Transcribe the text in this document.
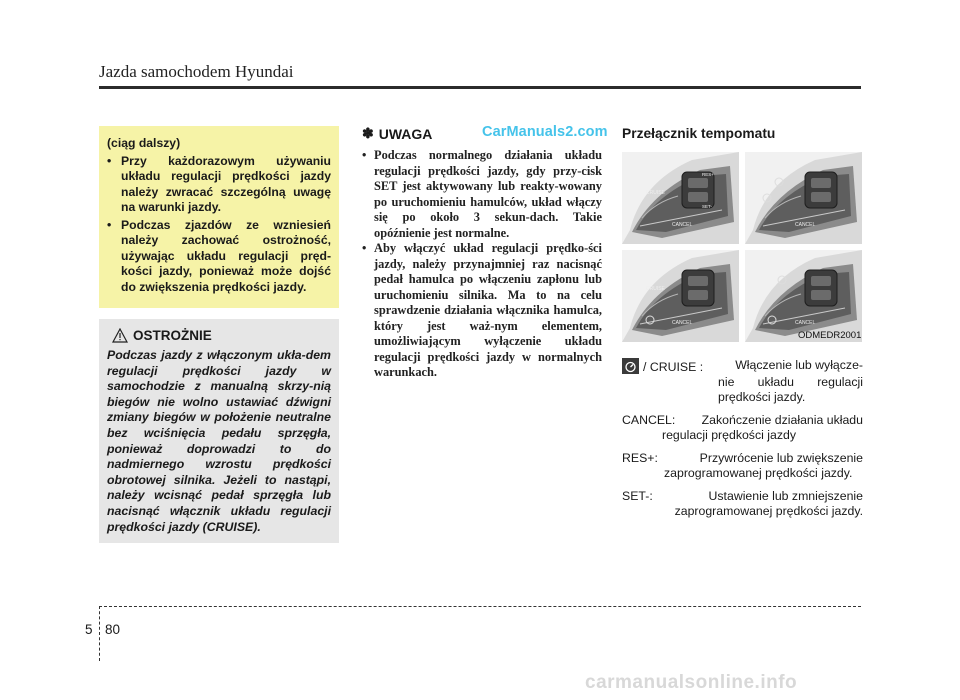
Jazda samochodem Hyundai
(ciąg dalszy)
• Przy każdorazowym używaniu układu regulacji prędkości jazdy należy zwracać szczególną uwagę na warunki jazdy.
• Podczas zjazdów ze wzniesień należy zachować ostrożność, używając układu regulacji pręd-kości jazdy, ponieważ może dojść do zwiększenia prędkości jazdy.
OSTROŻNIE
Podczas jazdy z włączonym ukła-dem regulacji prędkości jazdy w samochodzie z manualną skrzy-nią biegów nie wolno ustawiać dźwigni zmiany biegów w położenie neutralne bez wciśnięcia pedału sprzęgła, ponieważ doprowadzi to do nadmiernego wzrostu prędkości obrotowej silnika. Jeżeli to nastąpi, należy wcisnąć pedał sprzęgła lub nacisnąć włącznik układu regulacji prędkości jazdy (CRUISE).
✽ UWAGA	CarManuals2.com
• Podczas normalnego działania układu regulacji prędkości jazdy, gdy przy-cisk SET jest aktywowany lub reakty-wowany po uruchomieniu hamulców, układ włączy się po około 3 sekun-dach. Takie opóźnienie jest normalne.
• Aby włączyć układ regulacji prędko-ści jazdy, należy przynajmniej raz nacisnąć pedał hamulca po włączeniu zapłonu lub uruchomieniu silnika. Ma to na celu sprawdzenie działania włącznika hamulca, który jest waż-nym elementem, umożliwiającym wyłączenie układu regulacji prędkości jazdy w normalnych warunkach.
Przełącznik tempomatu
CRUISE
CANCEL
RES+
SET-
CANCEL
CRUISE
CANCEL	CANCEL
ODMEDR2001
/ CRUISE :	Włączenie lub wyłącze-
nie układu regulacji prędkości jazdy.
CANCEL: Zakończenie działania układu
regulacji prędkości jazdy
RES+:	Przywrócenie lub zwiększenie
zaprogramowanej prędkości jazdy.
SET-:	Ustawienie lub zmniejszenie
zaprogramowanej prędkości jazdy.
5 80
carmanualsonline.info
